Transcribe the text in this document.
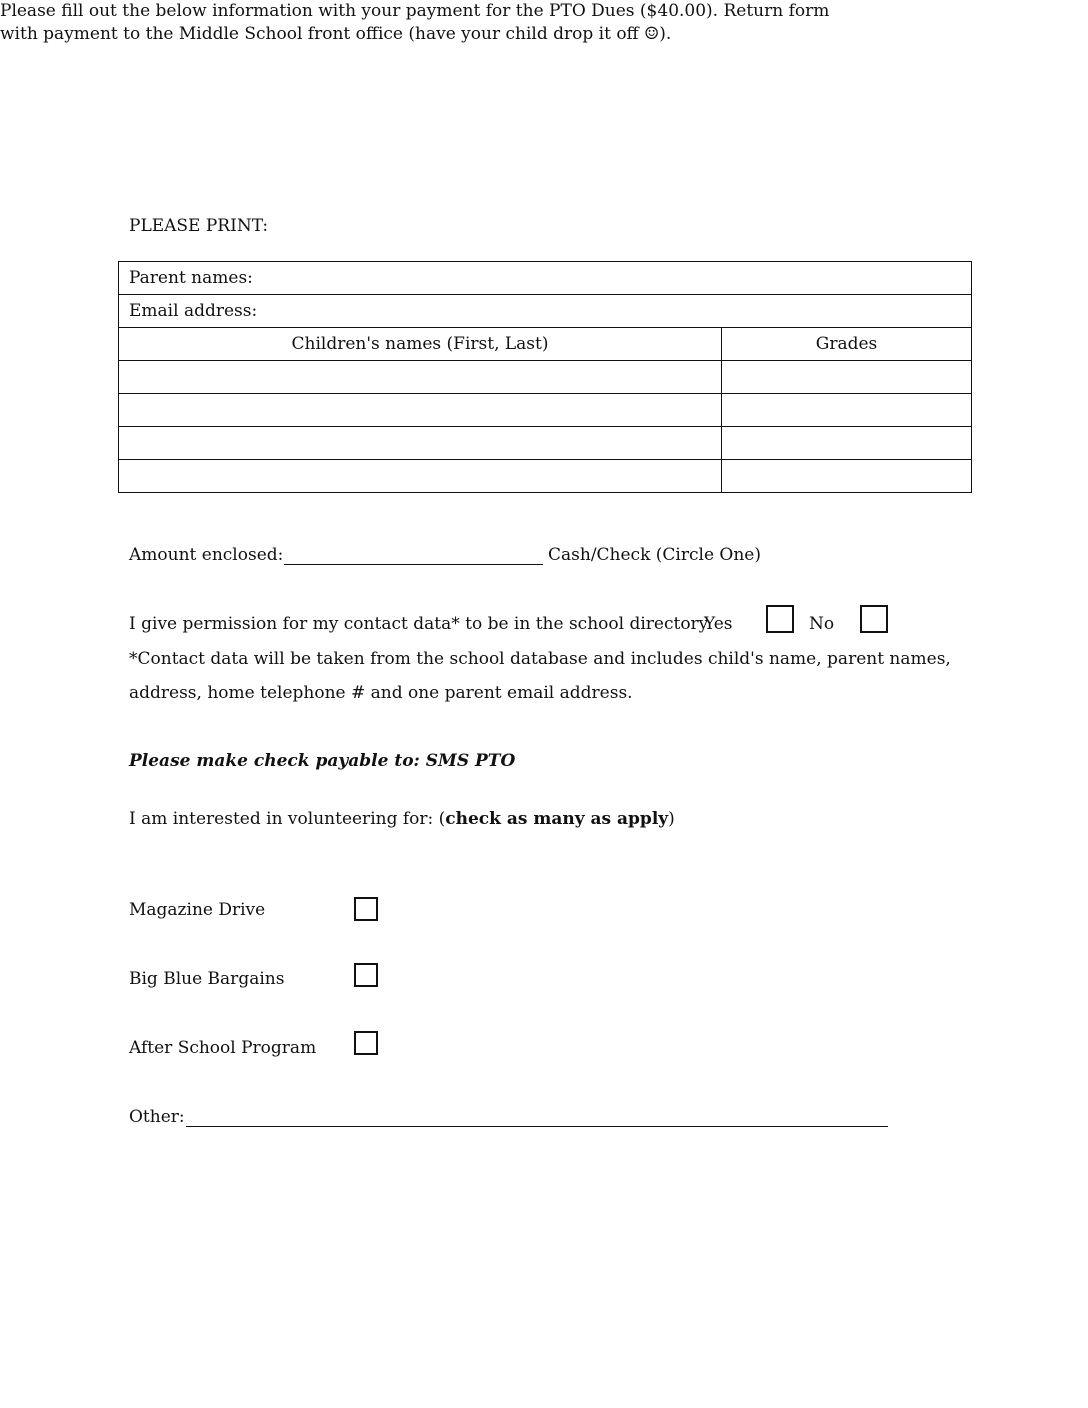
Please fill out the below information with your payment for the PTO Dues ($40.00). Return form
with payment to the Middle School front office (have your child drop it off ☺).
PLEASE PRINT:
Parent names:	
Email address:	
Children's names (First, Last)	Grades

Amount enclosed:	Cash/Check (Circle One)
I give permission for my contact data* to be in the school directory
Yes	No
*Contact data will be taken from the school database and includes child's name, parent names,
address, home telephone # and one parent email address.
Please make check payable to: SMS PTO
I am interested in volunteering for: (check as many as apply)
Magazine Drive
Big Blue Bargains
After School Program
Other:
